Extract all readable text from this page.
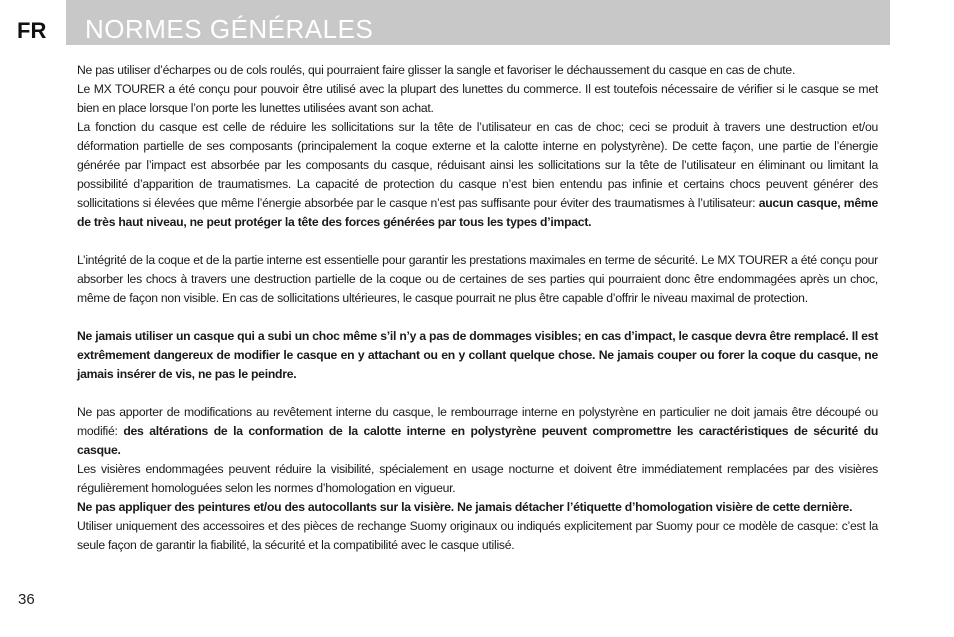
FR NORMES GÉNÉRALES

Ne pas utiliser d’écharpes ou de cols roulés, qui pourraient faire glisser la sangle et favoriser le déchaussement du casque en cas de chute.

Le MX TOURER a été conçu pour pouvoir être utilisé avec la plupart des lunettes du commerce. Il est toutefois nécessaire de vérifier si le casque se met bien en place lorsque l’on porte les lunettes utilisées avant son achat.

La fonction du casque est celle de réduire les sollicitations sur la tête de l’utilisateur en cas de choc; ceci se produit à travers une destruction et/ou déformation partielle de ses composants (principalement la coque externe et la calotte interne en polystyrène). De cette façon, une partie de l’énergie générée par l’impact est absorbée par les composants du casque, réduisant ainsi les sollicitations sur la tête de l’utilisateur en éliminant ou limitant la possibilité d’apparition de traumatismes. La capacité de protection du casque n’est bien entendu pas infinie et certains chocs peuvent générer des sollicitations si élevées que même l’énergie absorbée par le casque n’est pas suffisante pour éviter des traumatismes à l’utilisateur: aucun casque, même de très haut niveau, ne peut protéger la tête des forces générées par tous les types d’impact.

L’intégrité de la coque et de la partie interne est essentielle pour garantir les prestations maximales en terme de sécurité. Le MX TOURER a été conçu pour absorber les chocs à travers une destruction partielle de la coque ou de certaines de ses parties qui pourraient donc être endommagées après un choc, même de façon non visible. En cas de sollicitations ultérieures, le casque pourrait ne plus être capable d’offrir le niveau maximal de protection.

Ne jamais utiliser un casque qui a subi un choc même s’il n’y a pas de dommages visibles; en cas d’impact, le casque devra être remplacé. Il est extrêmement dangereux de modifier le casque en y attachant ou en y collant quelque chose. Ne jamais couper ou forer la coque du casque, ne jamais insérer de vis, ne pas le peindre.

Ne pas apporter de modifications au revêtement interne du casque, le rembourrage interne en polystyrène en particulier ne doit jamais être découpé ou modifié: des altérations de la conformation de la calotte interne en polystyrène peuvent compromettre les caractéristiques de sécurité du casque.

Les visières endommagées peuvent réduire la visibilité, spécialement en usage nocturne et doivent être immédiatement remplacées par des visières régulièrement homologuées selon les normes d’homologation en vigueur.

Ne pas appliquer des peintures et/ou des autocollants sur la visière. Ne jamais détacher l’étiquette d’homologation visière de cette dernière.

Utiliser uniquement des accessoires et des pièces de rechange Suomy originaux ou indiqués explicitement par Suomy pour ce modèle de casque: c’est la seule façon de garantir la fiabilité, la sécurité et la compatibilité avec le casque utilisé.

36
